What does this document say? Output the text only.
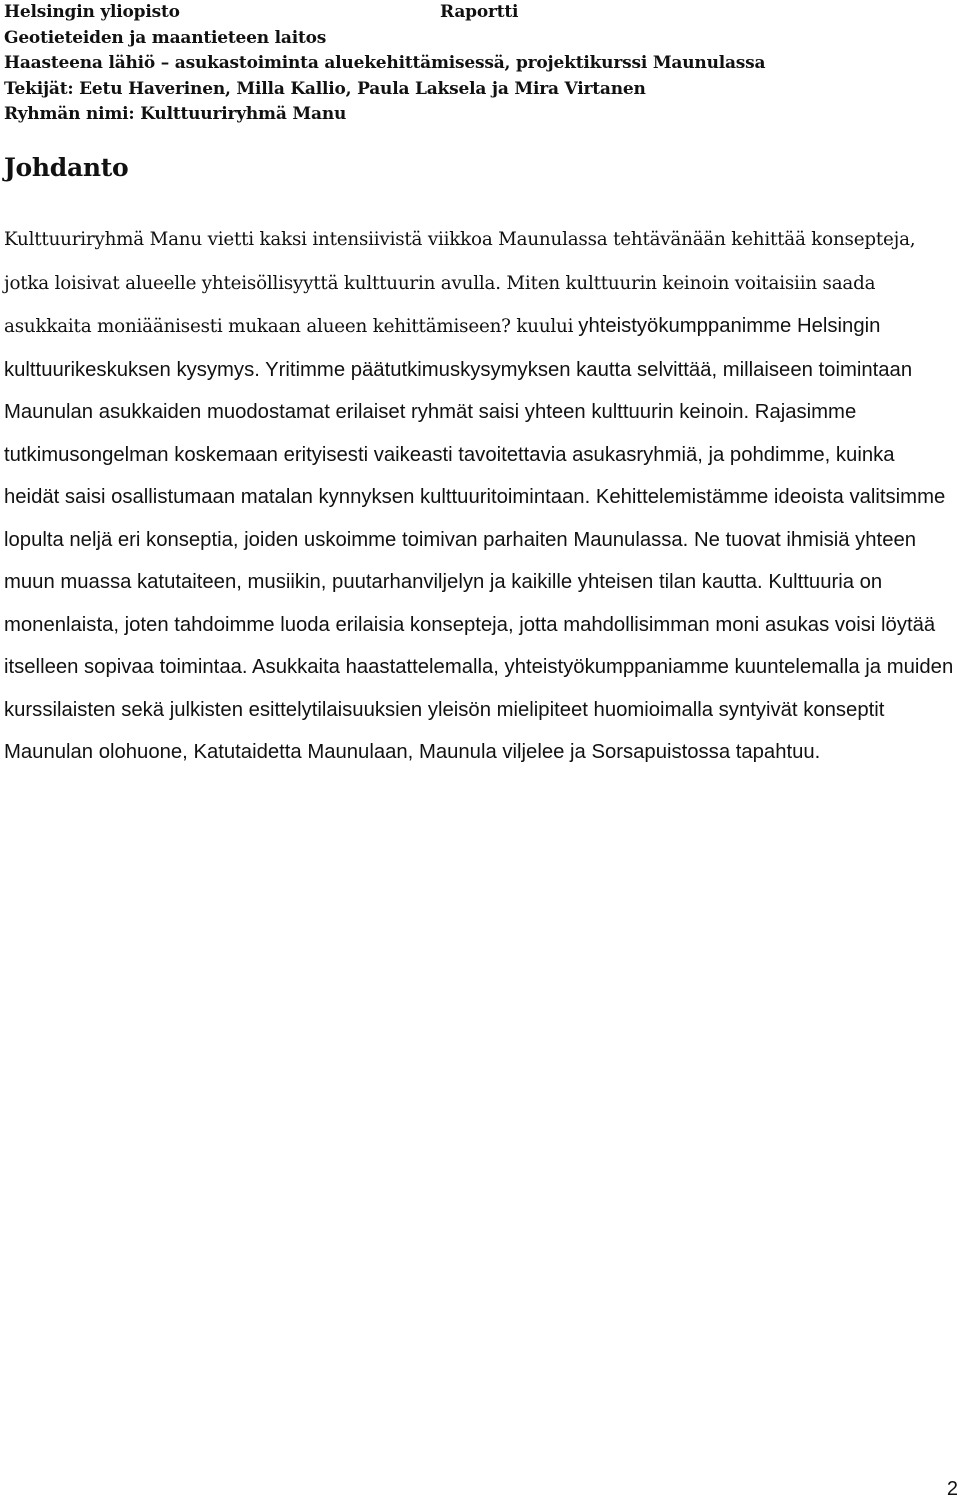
Helsingin yliopisto	Raportti
Geotieteiden ja maantieteen laitos
Haasteena lähiö – asukastoiminta aluekehittämisessä, projektikurssi Maunulassa
Tekijät: Eetu Haverinen, Milla Kallio, Paula Laksela ja Mira Virtanen
Ryhmän nimi: Kulttuuriryhmä Manu
Johdanto

Kulttuuriryhmä Manu vietti kaksi intensiivistä viikkoa Maunulassa tehtävänään kehittää konsepteja, jotka loisivat alueelle yhteisöllisyyttä kulttuurin avulla. Miten kulttuurin keinoin voitaisiin saada asukkaita moniäänisesti mukaan alueen kehittämiseen? kuului yhteistyökumppanimme Helsingin kulttuurikeskuksen kysymys. Yritimme päätutkimuskysymyksen kautta selvittää, millaiseen toimintaan Maunulan asukkaiden muodostamat erilaiset ryhmät saisi yhteen kulttuurin keinoin. Rajasimme tutkimusongelman koskemaan erityisesti vaikeasti tavoitettavia asukasryhmiä, ja pohdimme, kuinka heidät saisi osallistumaan matalan kynnyksen kulttuuritoimintaan. Kehittelemistämme ideoista valitsimme lopulta neljä eri konseptia, joiden uskoimme toimivan parhaiten Maunulassa. Ne tuovat ihmisiä yhteen muun muassa katutaiteen, musiikin, puutarhanviljelyn ja kaikille yhteisen tilan kautta. Kulttuuria on monenlaista, joten tahdoimme luoda erilaisia konsepteja, jotta mahdollisimman moni asukas voisi löytää itselleen sopivaa toimintaa. Asukkaita haastattelemalla, yhteistyökumppaniamme kuuntelemalla ja muiden kurssilaisten sekä julkisten esittelytilaisuuksien yleisön mielipiteet huomioimalla syntyivät konseptit Maunulan olohuone, Katutaidetta Maunulaan, Maunula viljelee ja Sorsapuistossa tapahtuu.

2
